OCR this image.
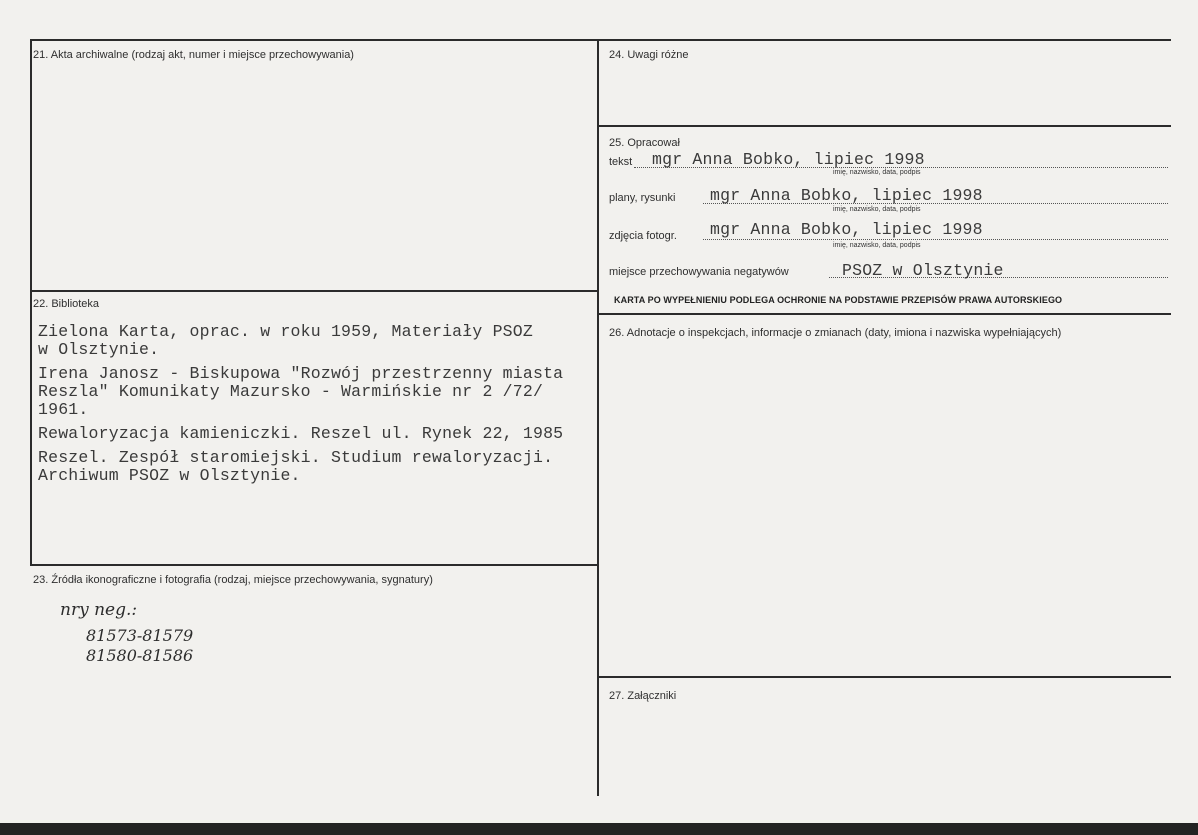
21. Akta archiwalne (rodzaj akt, numer i miejsce przechowywania)
22. Biblioteka
Zielona Karta, oprac. w roku 1959, Materiały PSOZ
w Olsztynie.
Irena Janosz - Biskupowa "Rozwój przestrzenny miasta
Reszla" Komunikaty Mazursko - Warmińskie nr 2 /72/
1961.
Rewaloryzacja kamieniczki. Reszel ul. Rynek 22, 1985
Reszel. Zespół staromiejski. Studium rewaloryzacji.
Archiwum PSOZ w Olsztynie.
23. Źródła ikonograficzne i fotografia (rodzaj, miejsce przechowywania, sygnatury)
nry neg.:
81573-81579
81580-81586
24. Uwagi różne
25. Opracował
tekst mgr Anna Bobko, lipiec 1998
imię, nazwisko, data, podpis
plany, rysunki mgr Anna Bobko, lipiec 1998
imię, nazwisko, data, podpis
zdjęcia fotogr. mgr Anna Bobko, lipiec 1998
imię, nazwisko, data, podpis
miejsce przechowywania negatywów	PSOZ w Olsztynie
KARTA PO WYPEŁNIENIU PODLEGA OCHRONIE NA PODSTAWIE PRZEPISÓW PRAWA AUTORSKIEGO
26. Adnotacje o inspekcjach, informacje o zmianach (daty, imiona i nazwiska wypełniających)
27. Załączniki
